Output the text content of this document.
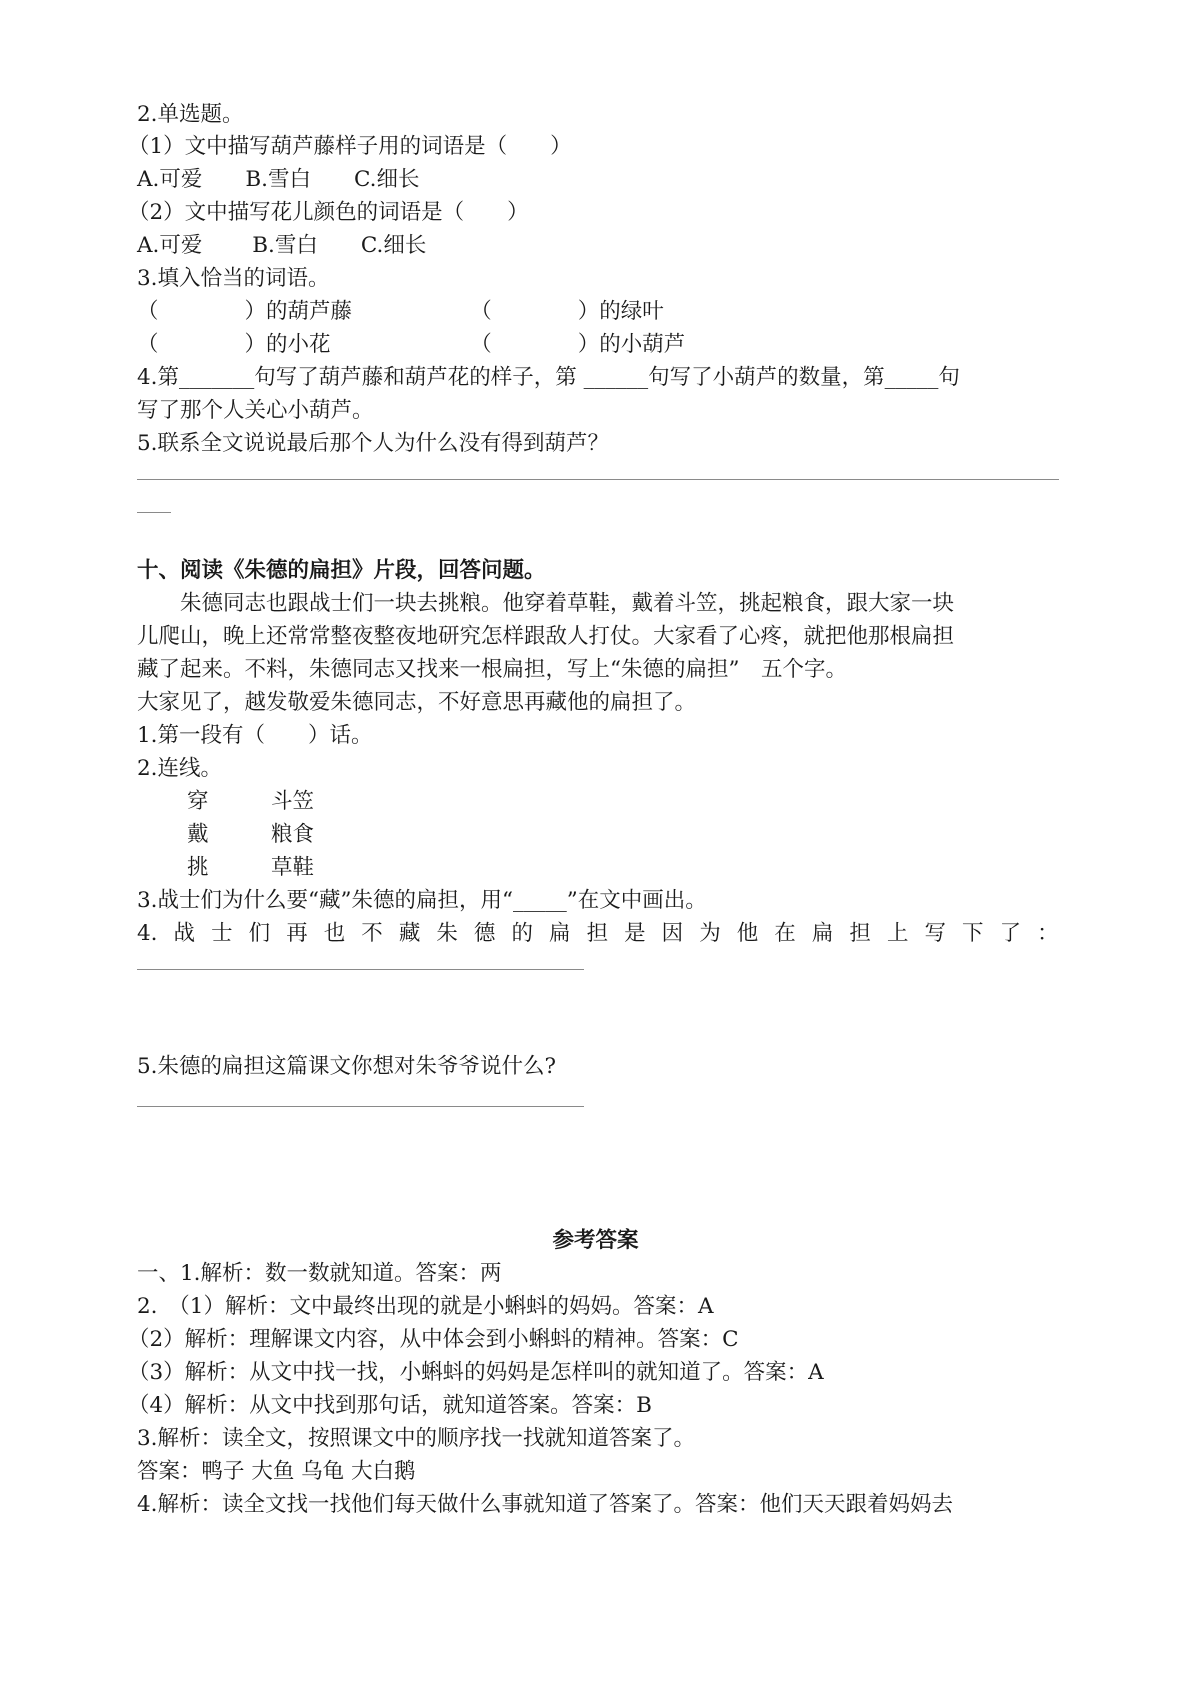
2.单选题。
（1）文中描写葫芦藤样子用的词语是（　　）
A.可爱　　B.雪白　　C.细长
（2）文中描写花儿颜色的词语是（　　）
A.可爱　　 B.雪白　　C.细长
3.填入恰当的词语。
（　　　　）的葫芦藤　　　　　　（　　　　）的绿叶
（　　　　）的小花　　　　　　　（　　　　）的小葫芦
4.第_______句写了葫芦藤和葫芦花的样子，第 ______句写了小葫芦的数量，第_____句
写了那个人关心小葫芦。
5.联系全文说说最后那个人为什么没有得到葫芦？
十、阅读《朱德的扁担》片段，回答问题。
　　朱德同志也跟战士们一块去挑粮。他穿着草鞋，戴着斗笠，挑起粮食，跟大家一块
儿爬山，晚上还常常整夜整夜地研究怎样跟敌人打仗。大家看了心疼，就把他那根扁担
藏了起来。不料，朱德同志又找来一根扁担，写上“朱德的扁担”　五个字。
大家见了，越发敬爱朱德同志，不好意思再藏他的扁担了。
1.第一段有（　　）话。
2.连线。
穿	斗笠
戴	粮食
挑	草鞋
3.战士们为什么要“藏”朱德的扁担，用“_____”在文中画出。
4. 战 士 们 再 也 不 藏 朱 德 的 扁 担 是 因 为 他 在 扁 担 上 写 下 了 ：
5.朱德的扁担这篇课文你想对朱爷爷说什么?
参考答案
一、1.解析：数一数就知道。答案：两
2.　（1）解析：文中最终出现的就是小蝌蚪的妈妈。答案：A
（2）解析：理解课文内容，从中体会到小蝌蚪的精神。答案：C
（3）解析：从文中找一找，小蝌蚪的妈妈是怎样叫的就知道了。答案：A
（4）解析：从文中找到那句话，就知道答案。答案：B
3.解析：读全文，按照课文中的顺序找一找就知道答案了。
答案：鸭子 大鱼 乌龟 大白鹅
4.解析：读全文找一找他们每天做什么事就知道了答案了。答案：他们天天跟着妈妈去
